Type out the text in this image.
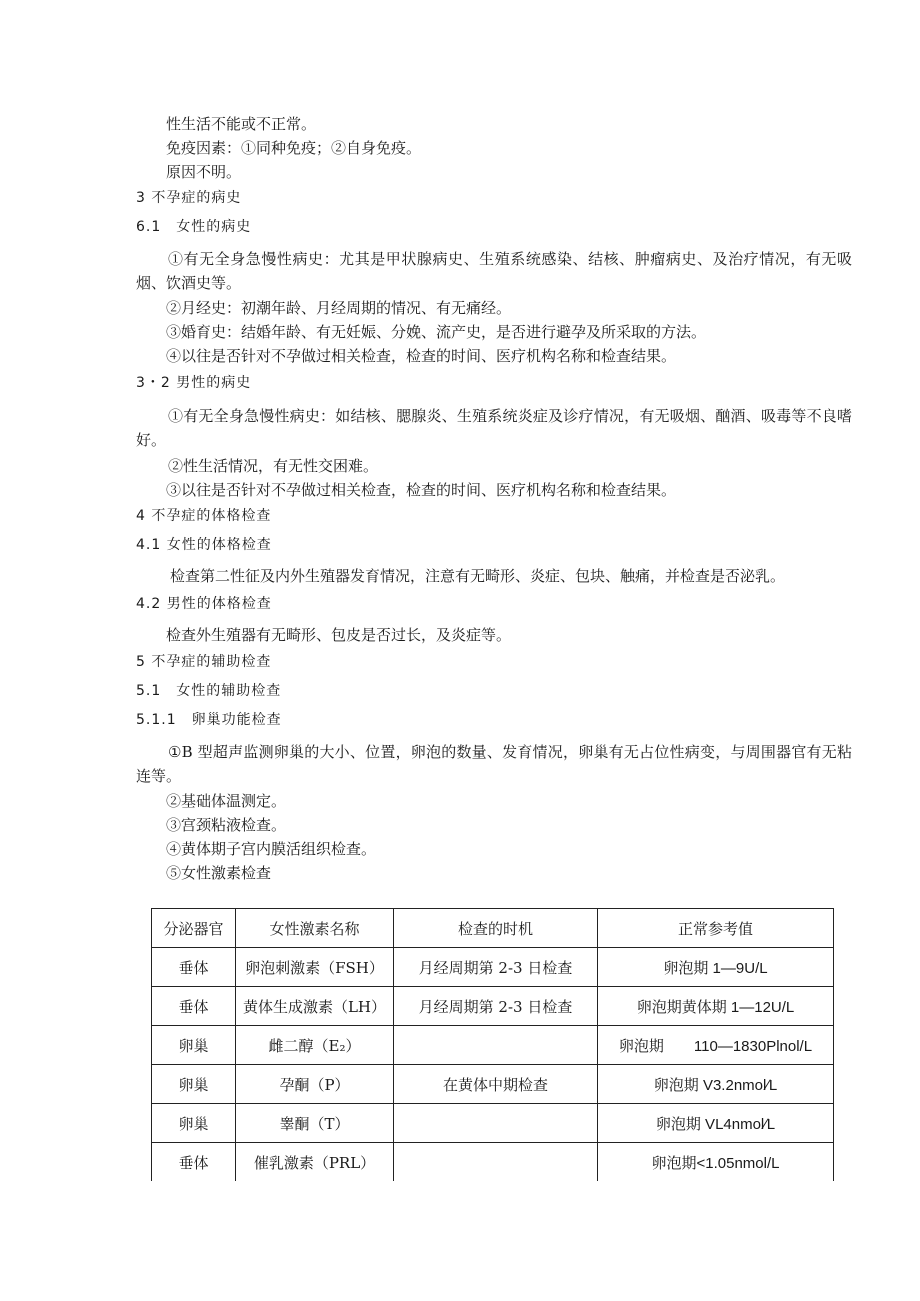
性生活不能或不正常。
免疫因素：①同种免疫；②自身免疫。
原因不明。
3 不孕症的病史
6.1　女性的病史
①有无全身急慢性病史：尤其是甲状腺病史、生殖系统感染、结核、肿瘤病史、及治疗情况，有无吸烟、饮酒史等。
②月经史：初潮年龄、月经周期的情况、有无痛经。
③婚育史：结婚年龄、有无妊娠、分娩、流产史，是否进行避孕及所采取的方法。
④以往是否针对不孕做过相关检查，检查的时间、医疗机构名称和检查结果。
3・2 男性的病史
①有无全身急慢性病史：如结核、腮腺炎、生殖系统炎症及诊疗情况，有无吸烟、酗酒、吸毒等不良嗜好。
②性生活情况，有无性交困难。
③以往是否针对不孕做过相关检查，检查的时间、医疗机构名称和检查结果。
4 不孕症的体格检查
4.1 女性的体格检查
检查第二性征及内外生殖器发育情况，注意有无畸形、炎症、包块、触痛，并检查是否泌乳。
4.2 男性的体格检查
检查外生殖器有无畸形、包皮是否过长，及炎症等。
5 不孕症的辅助检查
5.1　女性的辅助检查
5.1.1　卵巢功能检查
①B 型超声监测卵巢的大小、位置，卵泡的数量、发育情况，卵巢有无占位性病变，与周围器官有无粘连等。
②基础体温测定。
③宫颈粘液检查。
④黄体期子宫内膜活组织检查。
⑤女性激素检查
分泌器官	女性激素名称	检查的时机	正常参考值
垂体	卵泡刺激素（FSH）	月经周期第 2-3 日检查	卵泡期 1—9U/L
垂体	黄体生成激素（LH）	月经周期第 2-3 日检查	卵泡期黄体期 1—12U/L
卵巢	雌二醇（E₂）		卵泡期　　110—1830Plnol/L
卵巢	孕酮（P）	在黄体中期检查	卵泡期 V3.2nmol∕L
卵巢	睾酮（T）		卵泡期 VL4nmol∕L
垂体	催乳激素（PRL）		卵泡期<1.05nmol/L
